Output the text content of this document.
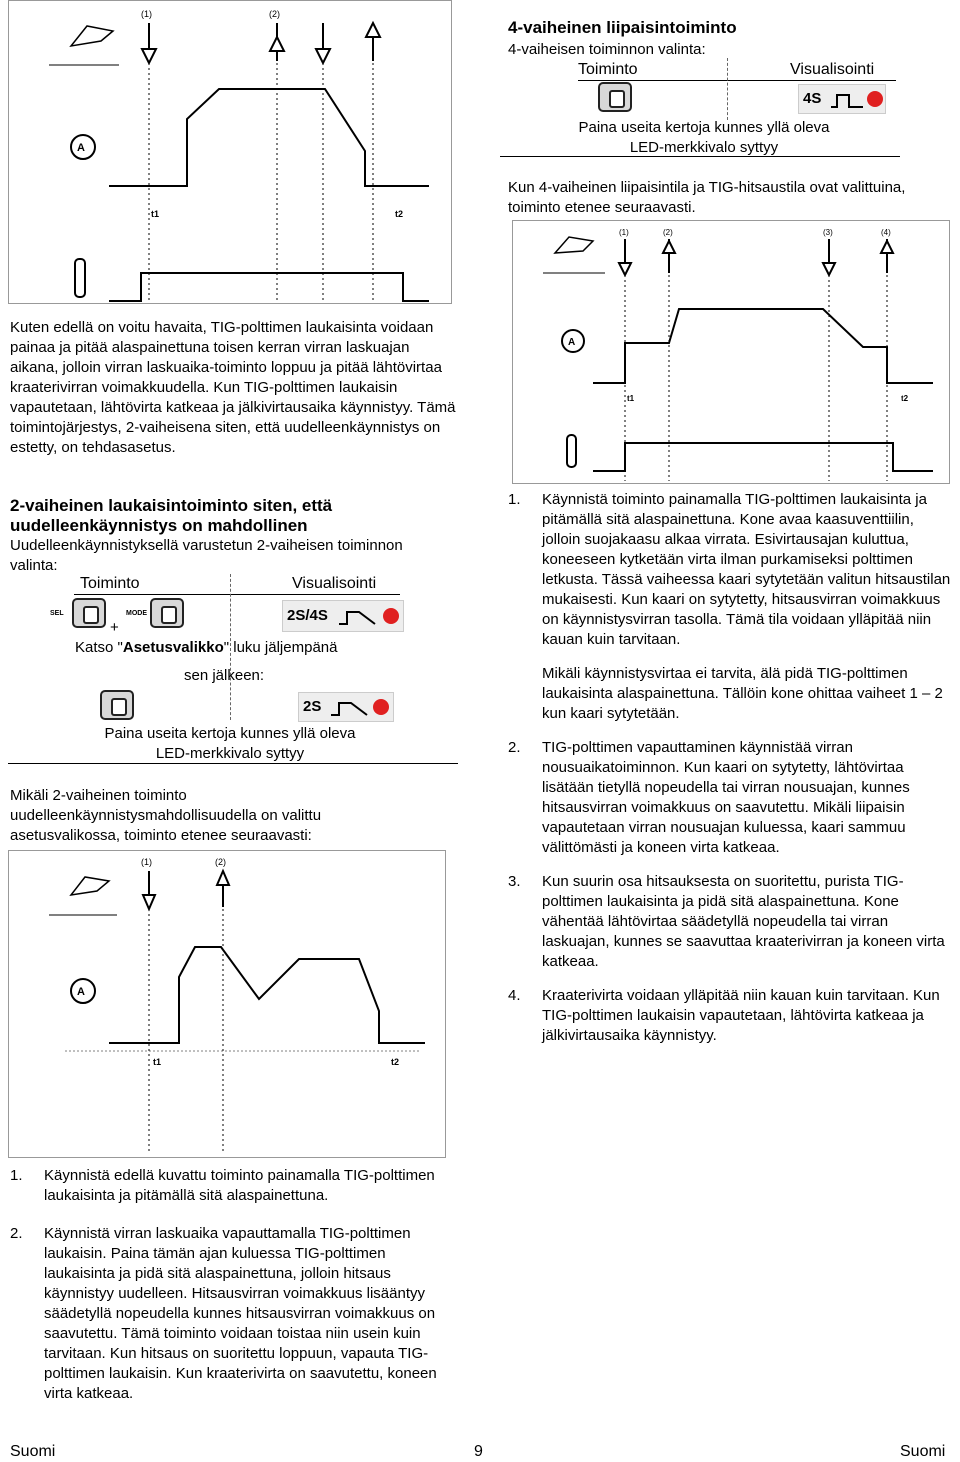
(1)	(2)
A
t1	t2
4-vaiheinen liipaisintoiminto
4-vaiheisen toiminnon valinta:
Toiminto	Visualisointi
4S
Paina useita kertoja kunnes yllä oleva
LED-merkkivalo syttyy
Kun 4-vaiheinen liipaisintila ja TIG-hitsaustila ovat valittuina, toiminto etenee seuraavasti.
(1)	(2)	(3)	(4)
A
t1	t2
Kuten edellä on voitu havaita, TIG-polttimen laukaisinta voidaan painaa ja pitää alaspainettuna toisen kerran virran laskuajan aikana, jolloin virran laskuaika-toiminto loppuu ja pitää lähtövirtaa kraaterivirran voimakkuudella. Kun TIG-polttimen laukaisin vapautetaan, lähtövirta katkeaa ja jälkivirtausaika käynnistyy. Tämä toimintojärjestys, 2-vaiheisena siten, että uudelleenkäynnistys on estetty, on tehdasasetus.
2-vaiheinen laukaisintoiminto siten, että uudelleenkäynnistys on mahdollinen
Uudelleenkäynnistyksellä varustetun 2-vaiheisen toiminnon valinta:
Toiminto	Visualisointi
SEL
+
MODE	2S/4S
Katso "Asetusvalikko" luku jäljempänä
sen jälkeen:
2S
Paina useita kertoja kunnes yllä oleva
LED-merkkivalo syttyy
Mikäli 2-vaiheinen toiminto uudelleenkäynnistysmahdollisuudella on valittu asetusvalikossa, toiminto etenee seuraavasti:
(1)	(2)
A
t1	t2
1. Käynnistä toiminto painamalla TIG-polttimen laukaisinta ja pitämällä sitä alaspainettuna. Kone avaa kaasuventtiilin, jolloin suojakaasu alkaa virrata. Esivirtausajan kuluttua, koneeseen kytketään virta ilman purkamiseksi polttimen letkusta. Tässä vaiheessa kaari sytytetään valitun hitsaustilan mukaisesti. Kun kaari on sytytetty, hitsausvirran voimakkuus on käynnistysvirran tasolla. Tämä tila voidaan ylläpitää niin kauan kuin tarvitaan.
Mikäli käynnistysvirtaa ei tarvita, älä pidä TIG-polttimen laukaisinta alaspainettuna. Tällöin kone ohittaa vaiheet 1 – 2 kun kaari sytytetään.
2. TIG-polttimen vapauttaminen käynnistää virran nousuaikatoiminnon. Kun kaari on sytytetty, lähtövirtaa lisätään tietyllä nopeudella tai virran nousuajan, kunnes hitsausvirran voimakkuus on saavutettu. Mikäli liipaisin vapautetaan virran nousuajan kuluessa, kaari sammuu välittömästi ja koneen virta katkeaa.
3. Kun suurin osa hitsauksesta on suoritettu, purista TIG-polttimen laukaisinta ja pidä sitä alaspainettuna. Kone vähentää lähtövirtaa säädetyllä nopeudella tai virran laskuajan, kunnes se saavuttaa kraaterivirran ja koneen virta katkeaa.
4. Kraaterivirta voidaan ylläpitää niin kauan kuin tarvitaan. Kun TIG-polttimen laukaisin vapautetaan, lähtövirta katkeaa ja jälkivirtausaika käynnistyy.
1. Käynnistä edellä kuvattu toiminto painamalla TIG-polttimen laukaisinta ja pitämällä sitä alaspainettuna.
2. Käynnistä virran laskuaika vapauttamalla TIG-polttimen laukaisin. Paina tämän ajan kuluessa TIG-polttimen laukaisinta ja pidä sitä alaspainettuna, jolloin hitsaus käynnistyy uudelleen. Hitsausvirran voimakkuus lisääntyy säädetyllä nopeudella kunnes hitsausvirran voimakkuus on saavutettu. Tämä toiminto voidaan toistaa niin usein kuin tarvitaan. Kun hitsaus on suoritettu loppuun, vapauta TIG-polttimen laukaisin. Kun kraaterivirta on saavutettu, koneen virta katkeaa.
Suomi	9	Suomi
